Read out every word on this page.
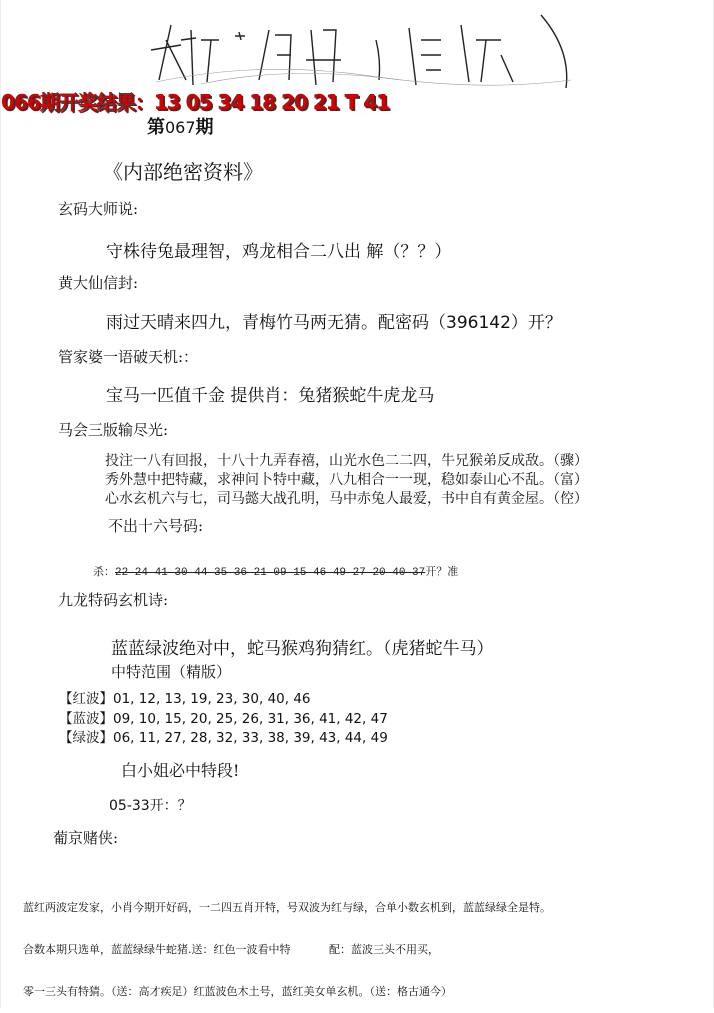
066期开奖结果：13 05 34 18 20 21 T 41
第067期
《内部绝密资料》
玄码大师说:
守株待兔最理智，鸡龙相合二八出 解（？？）
黄大仙信封:
雨过天晴来四九，青梅竹马两无猜。配密码（396142）开？
管家婆一语破天机:：
宝马一匹值千金 提供肖：兔猪猴蛇牛虎龙马
马会三版输尽光:
投注一八有回报，十八十九弄春禧，山光水色二二四，牛兄猴弟反成敌。（骤）
秀外慧中把特藏，求神问卜特中藏，八九相合一一现，稳如泰山心不乱。（富）
心水玄机六与七，司马懿大战孔明，马中赤兔人最爱，书中自有黄金屋。（倥）
不出十六号码:
杀：22 24 41 30 44 35 36 21 09 15 46 49 27 20 40 37开？准
九龙特码玄机诗:
蓝蓝绿波绝对中，蛇马猴鸡狗猜红。（虎猪蛇牛马）
中特范围（精版）
【红波】01, 12, 13, 19, 23, 30, 40, 46
【蓝波】09, 10, 15, 20, 25, 26, 31, 36, 41, 42, 47
【绿波】06, 11, 27, 28, 32, 33, 38, 39, 43, 44, 49
白小姐必中特段!
05-33开：？
葡京赌侠:

蓝红两波定发家，小肖今期开好码，一二四五肖开特，号双波为红与绿，合单小数玄机到，蓝蓝绿绿全是特。

合数本期只选单，蓝蓝绿绿牛蛇猪.送：红色一波看中特           配：蓝波三头不用买，

零一三头有特猜。（送：高才疾足）红蓝波色木土号，蓝红美女单玄机。（送：格古通今）
